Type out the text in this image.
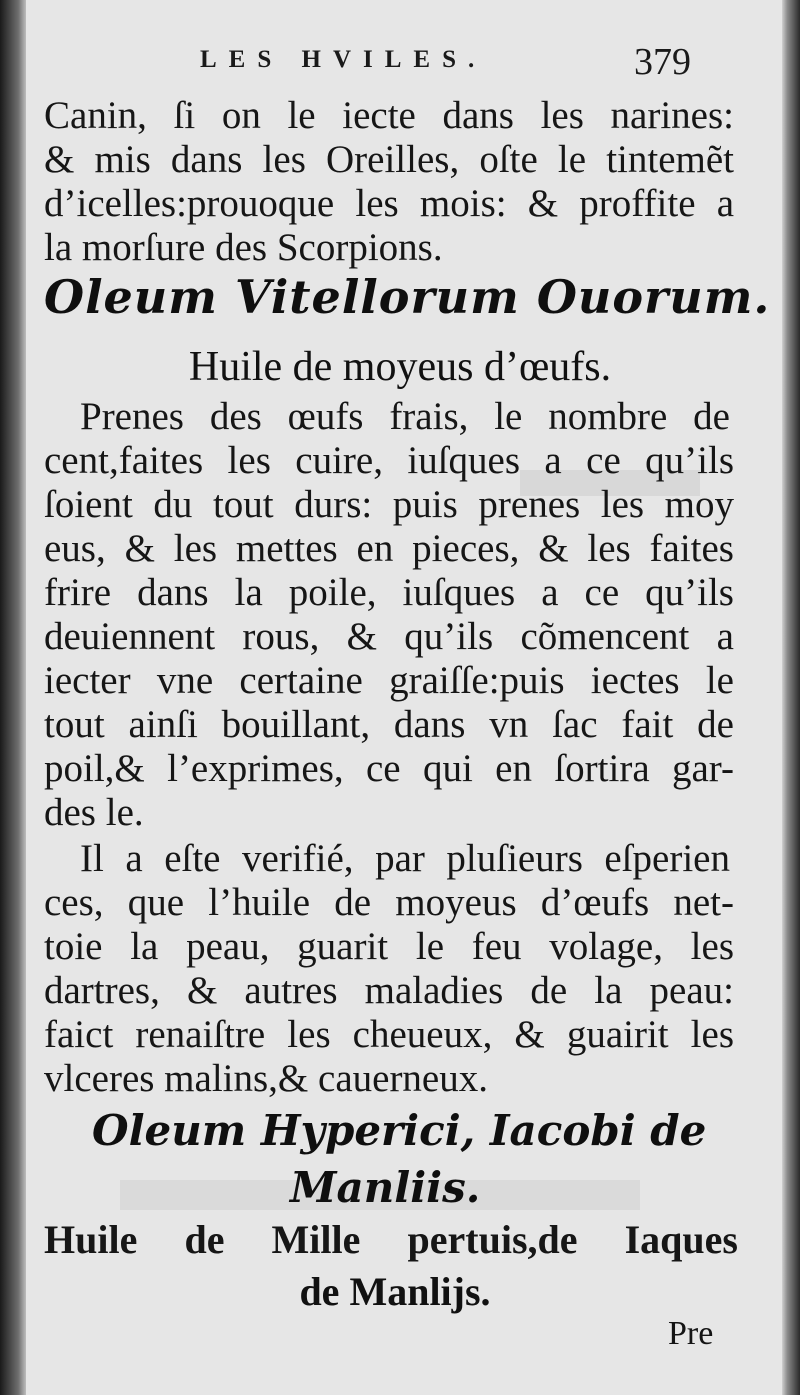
LES HVILES.	379
Canin, ſi on le iecte dans les narines:
& mis dans les Oreilles, oſte le tintemẽt
d’icelles:prouoque les mois: & proffite a
la morſure des Scorpions.
Oleum Vitellorum Ouorum.
Huile de moyeus d’œufs.
Prenes des œufs frais, le nombre de
cent,faites les cuire, iuſques a ce qu’ils
ſoient du tout durs: puis prenes les moy
eus, & les mettes en pieces, & les faites
frire dans la poile, iuſques a ce qu’ils
deuiennent rous, & qu’ils cõmencent a
iecter vne certaine graiſſe:puis iectes le
tout ainſi bouillant, dans vn ſac fait de
poil,& l’exprimes, ce qui en ſortira gar-
des le.
Il a eſte verifié, par pluſieurs eſperien
ces, que l’huile de moyeus d’œufs net-
toie la peau, guarit le feu volage, les
dartres, & autres maladies de la peau:
faict renaiſtre les cheueux, & guairit les
vlceres malins,& cauerneux.
Oleum Hyperici, Iacobi de
Manliis.
Huile de Mille pertuis,de Iaques
de Manlijs.
Pre
